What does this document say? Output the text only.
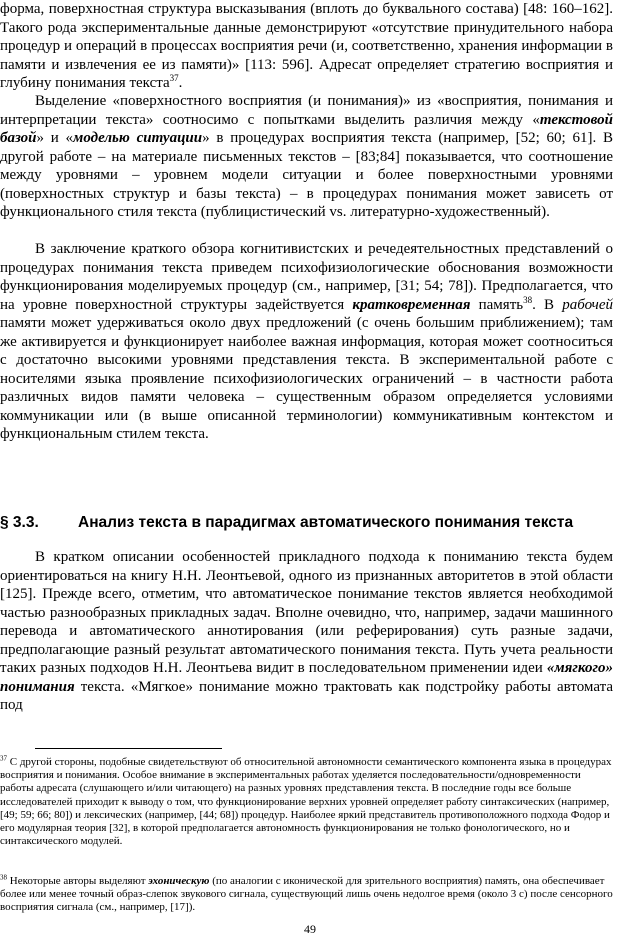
форма, поверхностная структура высказывания (вплоть до буквального состава) [48: 160–162]. Такого рода экспериментальные данные демонстрируют «отсутствие принудительного набора процедур и операций в процессах восприятия речи (и, соответственно, хранения информации в памяти и извлечения ее из памяти)» [113: 596]. Адресат определяет стратегию восприятия и глубину понимания текста$^{37}$.

Выделение «поверхностного восприятия (и понимания)» из «восприятия, понимания и интерпретации текста» соотносимо с попытками выделить различия между «текстовой базой» и «моделью ситуации» в процедурах восприятия текста (например, [52; 60; 61]. В другой работе – на материале письменных текстов – [83;84] показывается, что соотношение между уровнями – уровнем модели ситуации и более поверхностными уровнями (поверхностных структур и базы текста) – в процедурах понимания может зависеть от функционального стиля текста (публицистический vs. литературно-художественный).

В заключение краткого обзора когнитивистских и речедеятельностных представлений о процедурах понимания текста приведем психофизиологические обоснования возможности функционирования моделируемых процедур (см., например, [31; 54; 78]). Предполагается, что на уровне поверхностной структуры задействуется кратковременная память$^{38}$. В рабочей памяти может удерживаться около двух предложений (с очень большим приближением); там же активируется и функционирует наиболее важная информация, которая может соотноситься с достаточно высокими уровнями представления текста. В экспериментальной работе с носителями языка проявление психофизиологических ограничений – в частности работа различных видов памяти человека – существенным образом определяется условиями коммуникации или (в выше описанной терминологии) коммуникативным контекстом и функциональным стилем текста.

§ 3.3.	Анализ текста в парадигмах автоматического понимания текста

В кратком описании особенностей прикладного подхода к пониманию текста будем ориентироваться на книгу Н.Н. Леонтьевой, одного из признанных авторитетов в этой области [125]. Прежде всего, отметим, что автоматическое понимание текстов является необходимой частью разнообразных прикладных задач. Вполне очевидно, что, например, задачи машинного перевода и автоматического аннотирования (или реферирования) суть разные задачи, предполагающие разный результат автоматического понимания текста. Путь учета реальности таких разных подходов Н.Н. Леонтьева видит в последовательном применении идеи «мягкого» понимания текста. «Мягкое» понимание можно трактовать как подстройку работы автомата под

$^{37}$ С другой стороны, подобные свидетельствуют об относительной автономности семантического компонента языка в процедурах восприятия и понимания. Особое внимание в экспериментальных работах уделяется последовательности/одновременности работы адресата (слушающего и/или читающего) на разных уровнях представления текста. В последние годы все больше исследователей приходит к выводу о том, что функционирование верхних уровней определяет работу синтаксических (например, [49; 59; 66; 80]) и лексических (например, [44; 68]) процедур. Наиболее яркий представитель противоположного подхода Фодор и его модулярная теория [32], в которой предполагается автономность функционирования не только фонологического, но и синтаксического модулей.

$^{38}$ Некоторые авторы выделяют эхоническую (по аналогии с иконической для зрительного восприятия) память, она обеспечивает более или менее точный образ-слепок звукового сигнала, существующий лишь очень недолгое время (около 3 с) после сенсорного восприятия сигнала (см., например, [17]).

49
